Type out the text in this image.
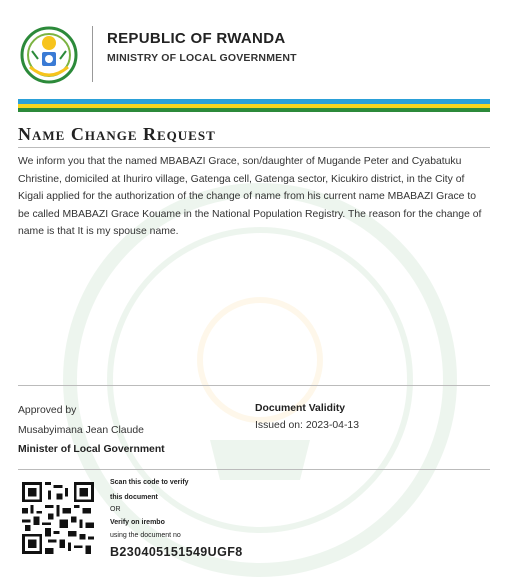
REPUBLIC OF RWANDA
MINISTRY OF LOCAL GOVERNMENT
Name Change Request
We inform you that the named MBABAZI Grace, son/daughter of Mugande Peter and Cyabatuku Christine, domiciled at Ihuriro village, Gatenga cell, Gatenga sector, Kicukiro district, in the City of Kigali applied for the authorization of the change of name from his current name MBABAZI Grace to be called MBABAZI Grace Kouame in the National Population Registry. The reason for the change of name is that It is my spouse name.
Approved by
Musabyimana Jean Claude
Minister of Local Government
Document Validity
Issued on: 2023-04-13
Scan this code to verify
this document
OR
Verify on irembo
using the document no
B230405151549UGF8
